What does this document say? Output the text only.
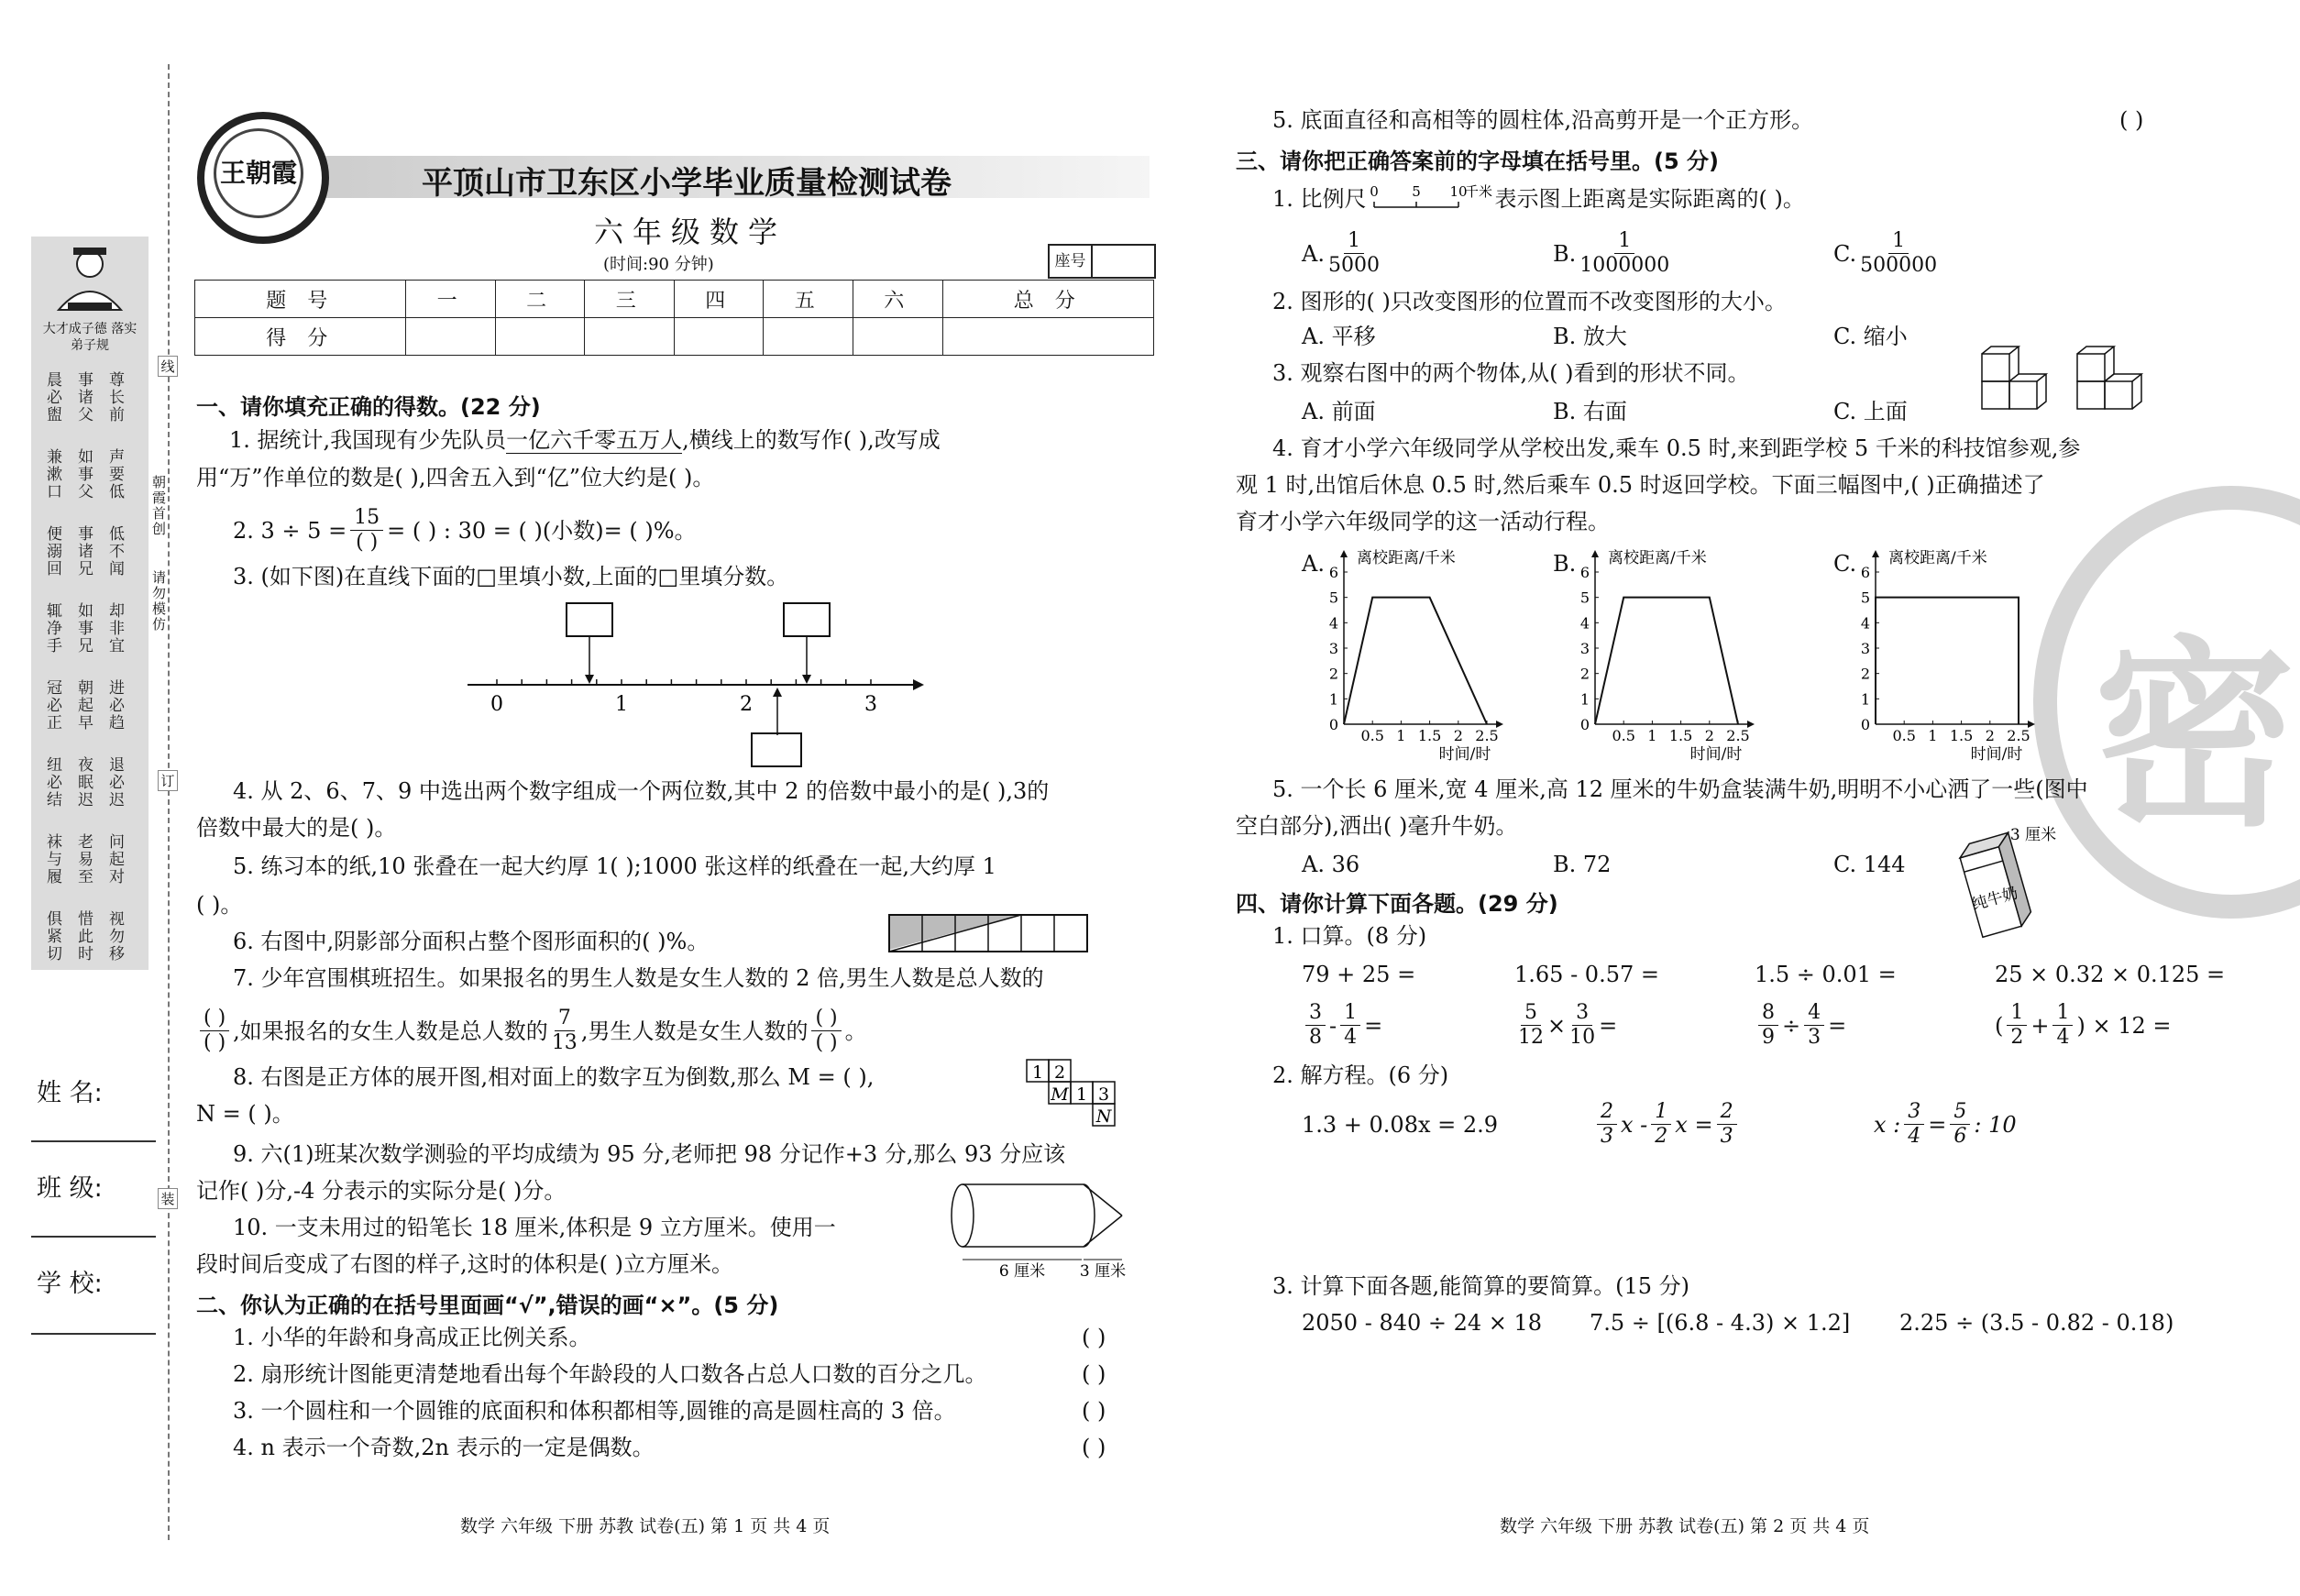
大才成子德 落实弟子规
晨必盥
事诸父
尊长前
兼漱口
如事父
声要低
便溺回
事诸兄
低不闻
辄净手
如事兄
却非宜
冠必正
朝起早
进必趋
纽必结
夜眠迟
退必迟
袜与履
老易至
问起对
俱紧切
惜此时
视勿移
朝霞首创
请勿模仿
线
订
装
姓 名:
班 级:
学 校:
王朝霞	平顶山市卫东区小学毕业质量检测试卷
六年级数学
(时间:90 分钟)	座号
题 号	一	二	三	四	五	六	总 分
得 分							
一、请你填充正确的得数。(22 分)
1. 据统计,我国现有少先队员一亿六千零五万人,横线上的数写作( ),改写成
用“万”作单位的数是( ),四舍五入到“亿”位大约是( )。
2. $3 \div 5 = \frac{15}{( )}$ = ( ) : 30 = ( )(小数)= ( )%。
3. (如下图)在直线下面的□里填小数,上面的□里填分数。
0	1	2	3
4. 从 2、6、7、9 中选出两个数字组成一个两位数,其中 2 的倍数中最小的是( ),3的
倍数中最大的是( )。
5. 练习本的纸,10 张叠在一起大约厚 1( );1000 张这样的纸叠在一起,大约厚 1
( )。
6. 右图中,阴影部分面积占整个图形面积的( )%。
7. 少年宫围棋班招生。如果报名的男生人数是女生人数的 2 倍,男生人数是总人数的
$\frac{( )}{( )}$ ,如果报名的女生人数是总人数的 $\frac{7}{13}$ ,男生人数是女生人数的 $\frac{( )}{( )}$ 。
8. 右图是正方体的展开图,相对面上的数字互为倒数,那么 M = ( ),
N = ( )。
1 2
M 1 3
N
9. 六(1)班某次数学测验的平均成绩为 95 分,老师把 98 分记作+3 分,那么 93 分应该
记作( )分,-4 分表示的实际分是( )分。
10. 一支未用过的铅笔长 18 厘米,体积是 9 立方厘米。使用一
段时间后变成了右图的样子,这时的体积是( )立方厘米。	6 厘米 3 厘米
二、你认为正确的在括号里面画“√”,错误的画“×”。(5 分)
1. 小华的年龄和身高成正比例关系。	( )
2. 扇形统计图能更清楚地看出每个年龄段的人口数各占总人口数的百分之几。	( )
3. 一个圆柱和一个圆锥的底面积和体积都相等,圆锥的高是圆柱高的 3 倍。	( )
4. n 表示一个奇数,2n 表示的一定是偶数。	( )
数学 六年级 下册 苏教 试卷(五) 第 1 页 共 4 页
密
5. 底面直径和高相等的圆柱体,沿高剪开是一个正方形。	( )
三、请你把正确答案前的字母填在括号里。(5 分)
1. 比例尺 0 5 10
千米 表示图上距离是实际距离的( )。
A. $\frac{1}{5000}$	B. $\frac{1}{1000000}$	C. $\frac{1}{500000}$
2. 图形的( )只改变图形的位置而不改变图形的大小。
A. 平移	B. 放大	C. 缩小
3. 观察右图中的两个物体,从( )看到的形状不同。
A. 前面	B. 右面	C. 上面
4. 育才小学六年级同学从学校出发,乘车 0.5 时,来到距学校 5 千米的科技馆参观,参
观 1 时,出馆后休息 0.5 时,然后乘车 0.5 时返回学校。下面三幅图中,( )正确描述了
育才小学六年级同学的这一活动行程。
A.	B.	C.
0
1
2
3
4
5
6
0.5 1 1.5 2 2.5
离校距离/千米
时间/时
0
1
2
3
4
5
6
0.5 1 1.5 2 2.5
离校距离/千米
时间/时
0
1
2
3
4
5
6
0.5 1 1.5 2 2.5
离校距离/千米
时间/时
5. 一个长 6 厘米,宽 4 厘米,高 12 厘米的牛奶盒装满牛奶,明明不小心洒了一些(图中
空白部分),洒出( )毫升牛奶。
A. 36	B. 72	C. 144
3 厘米
纯牛奶
四、请你计算下面各题。(29 分)
1. 口算。(8 分)
79 + 25 =	1.65 - 0.57 =	1.5 ÷ 0.01 =	25 × 0.32 × 0.125 =
$\frac{3}{8} - \frac{1}{4}$ =	$\frac{5}{12} \times \frac{3}{10}$ =	$\frac{8}{9} \div \frac{4}{3}$ =	( $\frac{1}{2} + \frac{1}{4}$ ) × 12 =
2. 解方程。(6 分)
1.3 + 0.08x = 2.9	$\frac{2}{3}$ x - $\frac{1}{2}$ $x = \frac{2}{3}$	x : $\frac{3}{4} = \frac{5}{6}$ : 10
3. 计算下面各题,能简算的要简算。(15 分)
2050 - 840 ÷ 24 × 18 7.5 ÷ [(6.8 - 4.3) × 1.2] 2.25 ÷ (3.5 - 0.82 - 0.18)
数学 六年级 下册 苏教 试卷(五) 第 2 页 共 4 页
